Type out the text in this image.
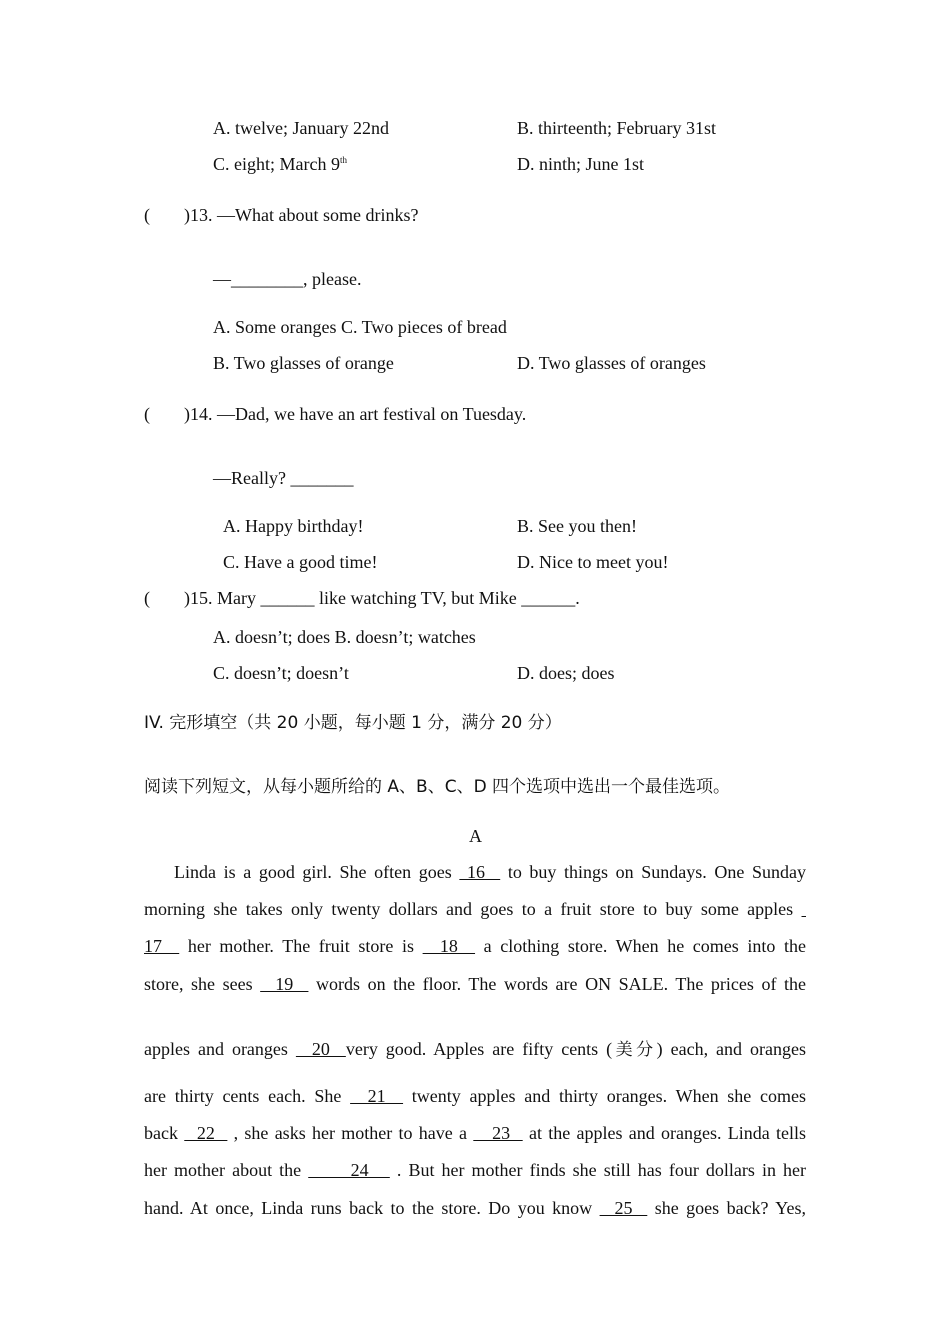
A. twelve; January 22nd	B. thirteenth; February 31st
C. eight; March 9th	D. ninth; June 1st
( )13. —What about some drinks?
—________, please.
A. Some oranges C. Two pieces of bread
B. Two glasses of orange	D. Two glasses of oranges
( )14. —Dad, we have an art festival on Tuesday.
—Really? _______
A. Happy birthday!	B. See you then!
C. Have a good time!	D. Nice to meet you!
( )15. Mary ______ like watching TV, but Mike ______.
A. doesn’t; does B. doesn’t; watches
C. doesn’t; doesn’t	D. does; does
IV. 完形填空（共 20 小题，每小题 1 分，满分 20 分）
阅读下列短文，从每小题所给的 A、B、C、D 四个选项中选出一个最佳选项。
A
Linda is a good girl. She often goes  16   to buy things on Sundays. One Sunday
morning she takes only twenty dollars and goes to a fruit store to buy some apples
17   her mother. The fruit store is   18   a clothing store. When he comes into the
store, she sees   19   words on the floor. The words are ON SALE. The prices of the
apples and oranges   20  very good. Apples are fifty cents (美分) each, and oranges
are thirty cents each. She   21   twenty apples and thirty oranges. When she comes
back   22   , she asks her mother to have a    23   at the apples and oranges. Linda tells
her mother about the       24    . But her mother finds she still has four dollars in her
hand. At once, Linda runs back to the store. Do you know   25   she goes back? Yes,
